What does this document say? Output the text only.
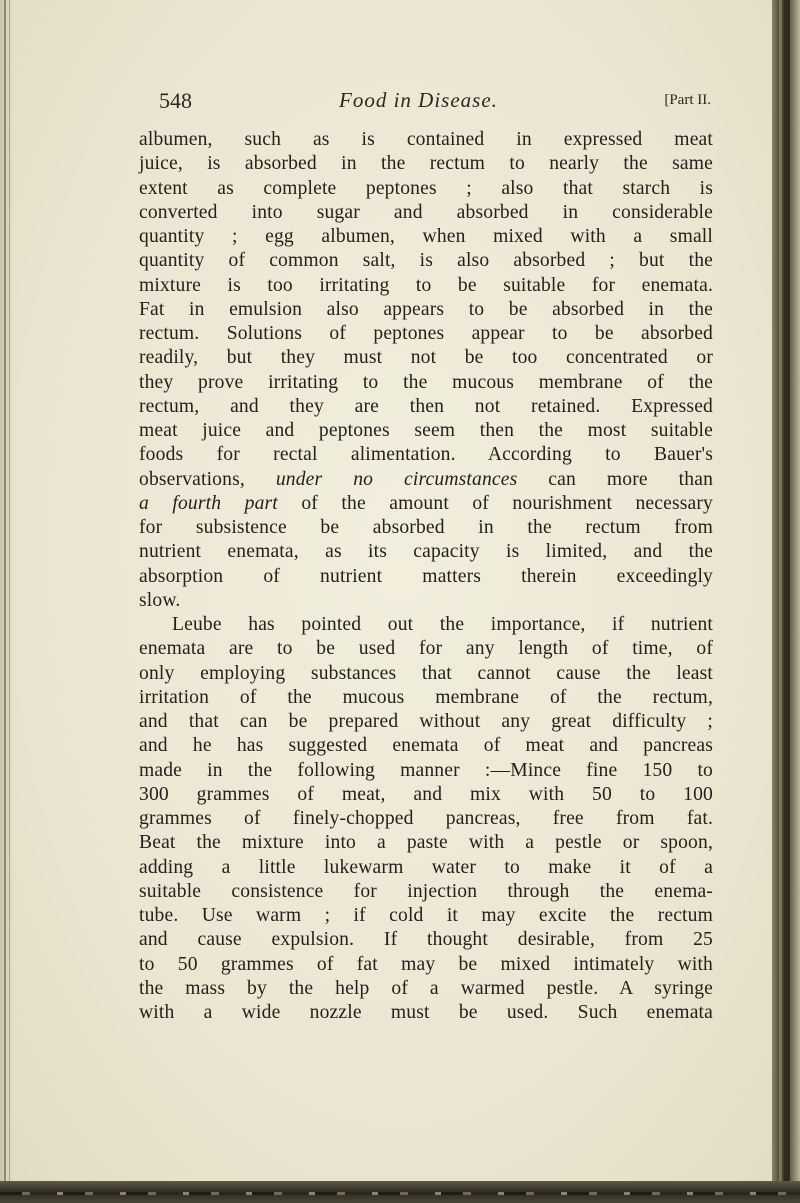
548	Food in Disease.	[Part II.
albumen, such as is contained in expressed meat
juice, is absorbed in the rectum to nearly the same
extent as complete peptones ; also that starch is
converted into sugar and absorbed in considerable
quantity ; egg albumen, when mixed with a small
quantity of common salt, is also absorbed ; but the
mixture is too irritating to be suitable for enemata.
Fat in emulsion also appears to be absorbed in the
rectum. Solutions of peptones appear to be absorbed
readily, but they must not be too concentrated or
they prove irritating to the mucous membrane of the
rectum, and they are then not retained. Expressed
meat juice and peptones seem then the most suitable
foods for rectal alimentation. According to Bauer's
observations, under no circumstances can more than
a fourth part of the amount of nourishment necessary
for subsistence be absorbed in the rectum from
nutrient enemata, as its capacity is limited, and the
absorption of nutrient matters therein exceedingly
slow.
Leube has pointed out the importance, if nutrient
enemata are to be used for any length of time, of
only employing substances that cannot cause the least
irritation of the mucous membrane of the rectum,
and that can be prepared without any great difficulty ;
and he has suggested enemata of meat and pancreas
made in the following manner :—Mince fine 150 to
300 grammes of meat, and mix with 50 to 100
grammes of finely-chopped pancreas, free from fat.
Beat the mixture into a paste with a pestle or spoon,
adding a little lukewarm water to make it of a
suitable consistence for injection through the enema-
tube. Use warm ; if cold it may excite the rectum
and cause expulsion. If thought desirable, from 25
to 50 grammes of fat may be mixed intimately with
the mass by the help of a warmed pestle. A syringe
with a wide nozzle must be used. Such enemata
